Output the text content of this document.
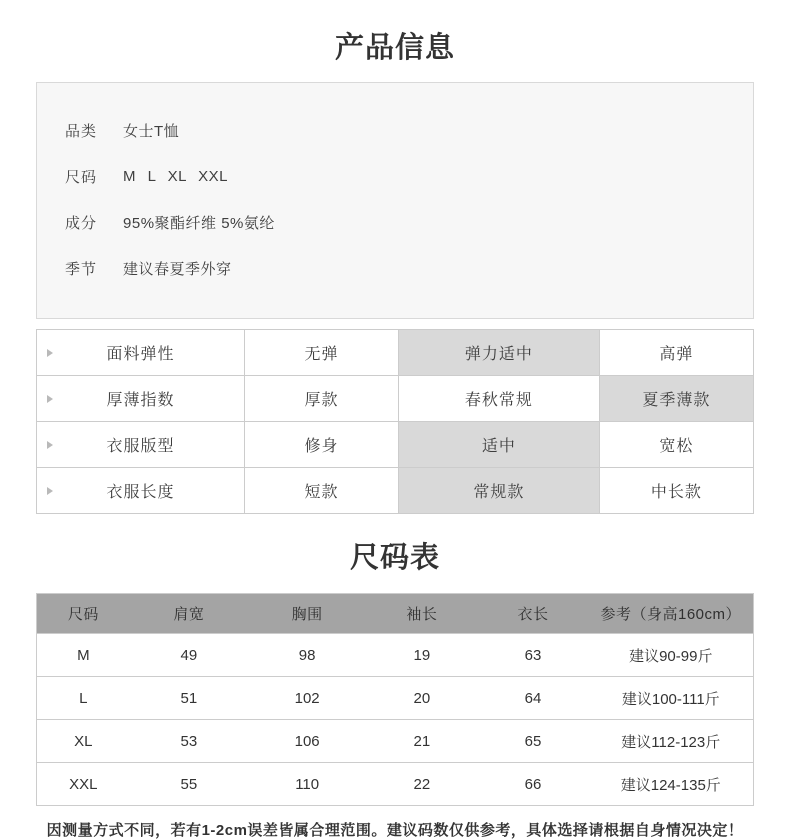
产品信息
品类 女士T恤
尺码 M L XL XXL
成分 95%聚酯纤维 5%氨纶
季节 建议春夏季外穿
面料弹性	无弹	弹力适中	高弹

厚薄指数	厚款	春秋常规	夏季薄款

衣服版型	修身	适中	宽松

衣服长度	短款	常规款	中长款
尺码表
尺码	肩宽	胸围	袖长	衣长	参考（身高160cm）
M	49	98	19	63	建议90-99斤
L	51	102	20	64	建议100-111斤
XL	53	106	21	65	建议112-123斤
XXL	55	110	22	66	建议124-135斤

因测量方式不同，若有1-2cm误差皆属合理范围。建议码数仅供参考，具体选择请根据自身情况决定！
